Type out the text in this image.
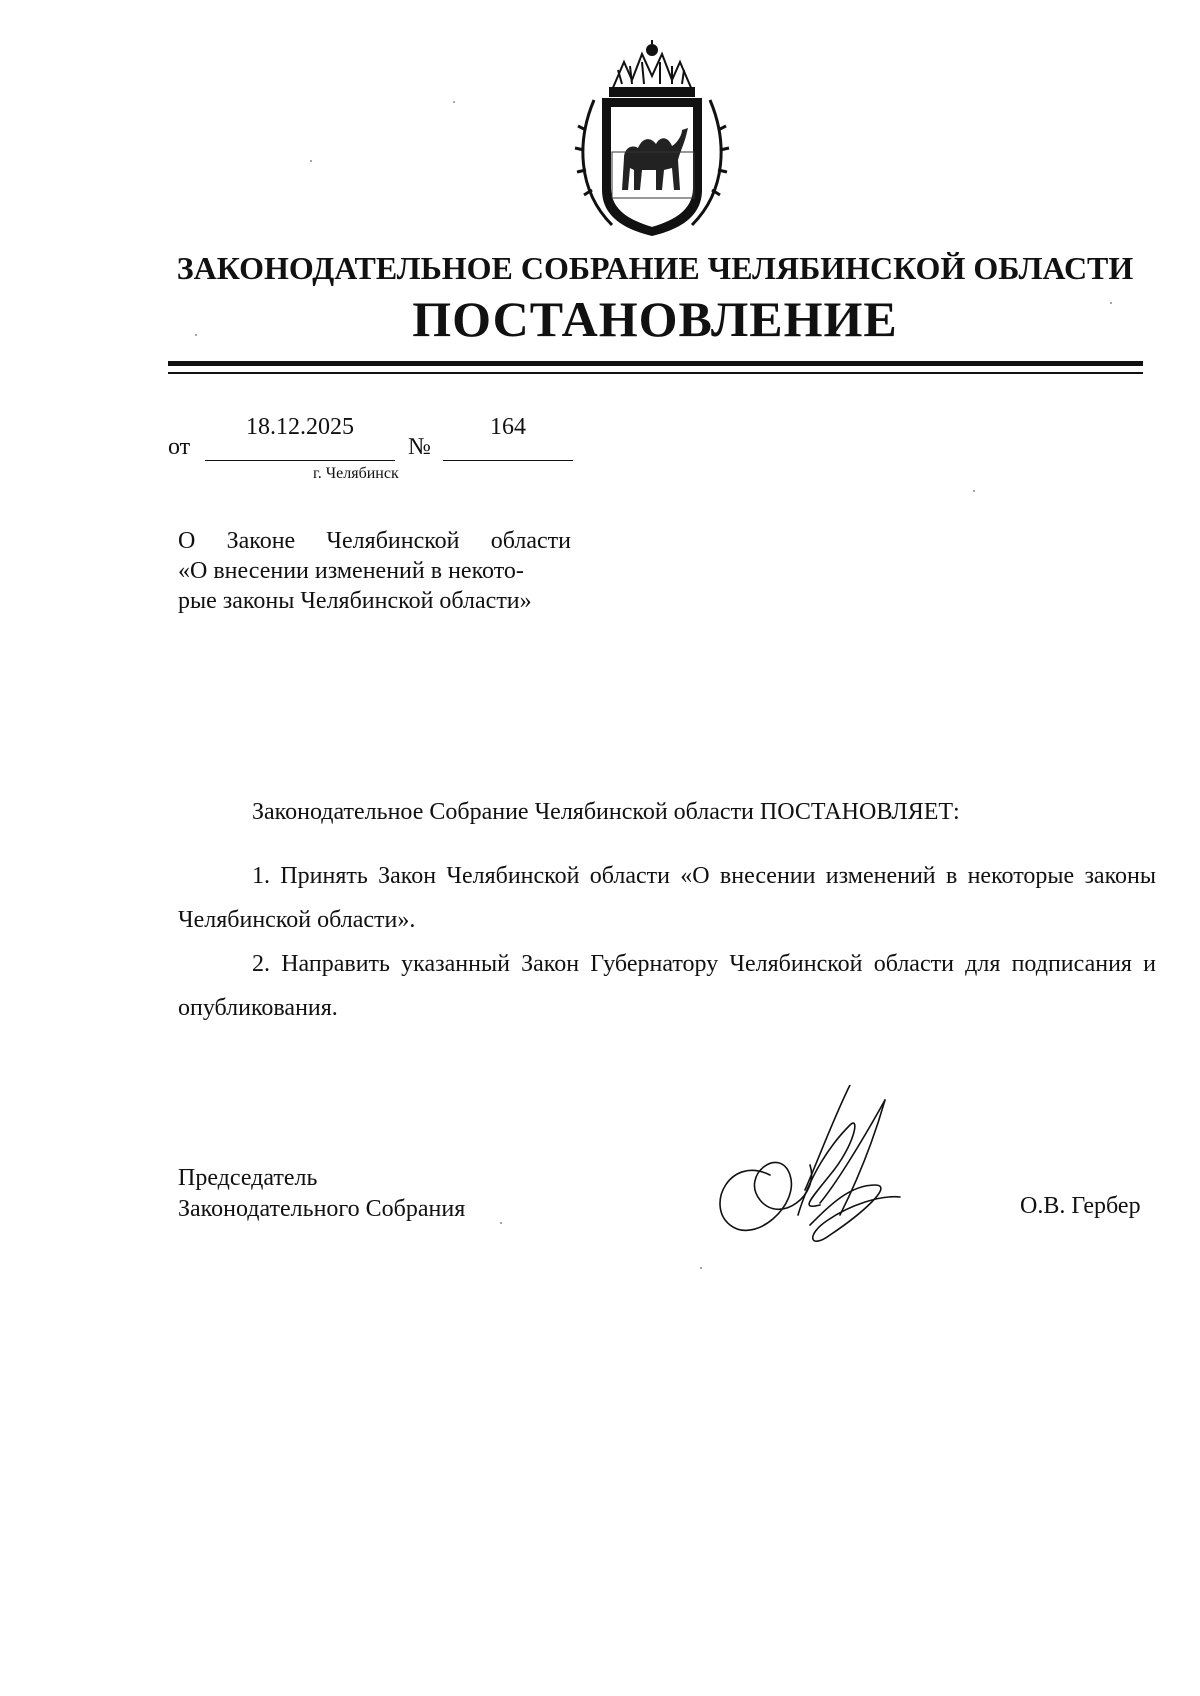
ЗАКОНОДАТЕЛЬНОЕ СОБРАНИЕ ЧЕЛЯБИНСКОЙ ОБЛАСТИ
ПОСТАНОВЛЕНИЕ
от
18.12.2025
№
164
г. Челябинск
О Законе Челябинской области «О внесении изменений в некото-
рые законы Челябинской области»

Законодательное Собрание Челябинской области ПОСТАНОВЛЯЕТ:

1. Принять Закон Челябинской области «О внесении изменений в некоторые законы Челябинской области».

2. Направить указанный Закон Губернатору Челябинской области для подписания и опубликования.

Председатель
Законодательного Собрания	О.В. Гербер
